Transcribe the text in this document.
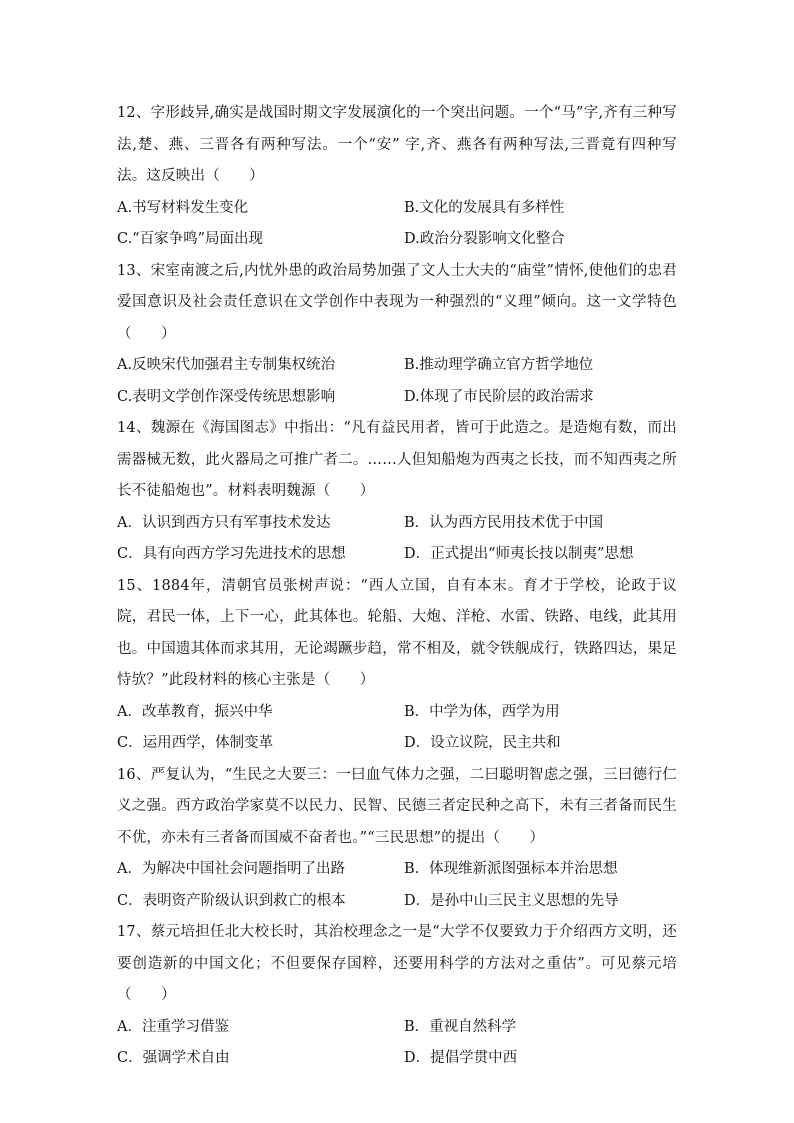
12、字形歧异,确实是战国时期文字发展演化的一个突出问题。一个“马”字,齐有三种写法,楚、燕、三晋各有两种写法。一个“安” 字,齐、燕各有两种写法,三晋竟有四种写法。这反映出（　　）

A.书写材料发生变化	B.文化的发展具有多样性
C.“百家争鸣”局面出现	D.政治分裂影响文化整合

13、宋室南渡之后,内忧外患的政治局势加强了文人士大夫的“庙堂”情怀,使他们的忠君爱国意识及社会责任意识在文学创作中表现为一种强烈的“义理”倾向。这一文学特色（　　）

A.反映宋代加强君主专制集权统治	B.推动理学确立官方哲学地位
C.表明文学创作深受传统思想影响	D.体现了市民阶层的政治需求

14、魏源在《海国图志》中指出：“凡有益民用者，皆可于此造之。是造炮有数，而出需器械无数，此火器局之可推广者二。……人但知船炮为西夷之长技，而不知西夷之所长不徒船炮也”。材料表明魏源（　　）

A．认识到西方只有军事技术发达	B．认为西方民用技术优于中国
C．具有向西方学习先进技术的思想	D．正式提出“师夷长技以制夷”思想

15、1884年，清朝官员张树声说：“西人立国，自有本末。育才于学校，论政于议院，君民一体，上下一心，此其体也。轮船、大炮、洋枪、水雷、铁路、电线，此其用也。中国遗其体而求其用，无论竭蹶步趋，常不相及，就令铁舰成行，铁路四达，果足恃欤？”此段材料的核心主张是（　　）

A．改革教育，振兴中华	B．中学为体，西学为用
C．运用西学，体制变革	D．设立议院，民主共和

16、严复认为，“生民之大要三：一曰血气体力之强，二曰聪明智虑之强，三曰德行仁义之强。西方政治学家莫不以民力、民智、民德三者定民种之高下，未有三者备而民生不优，亦未有三者备而国威不奋者也。”“三民思想”的提出（　　）

A．为解决中国社会问题指明了出路	B．体现维新派图强标本并治思想
C．表明资产阶级认识到救亡的根本	D．是孙中山三民主义思想的先导

17、蔡元培担任北大校长时，其治校理念之一是“大学不仅要致力于介绍西方文明，还要创造新的中国文化；不但要保存国粹，还要用科学的方法对之重估”。可见蔡元培（　　）

A．注重学习借鉴	B．重视自然科学
C．强调学术自由	D．提倡学贯中西
